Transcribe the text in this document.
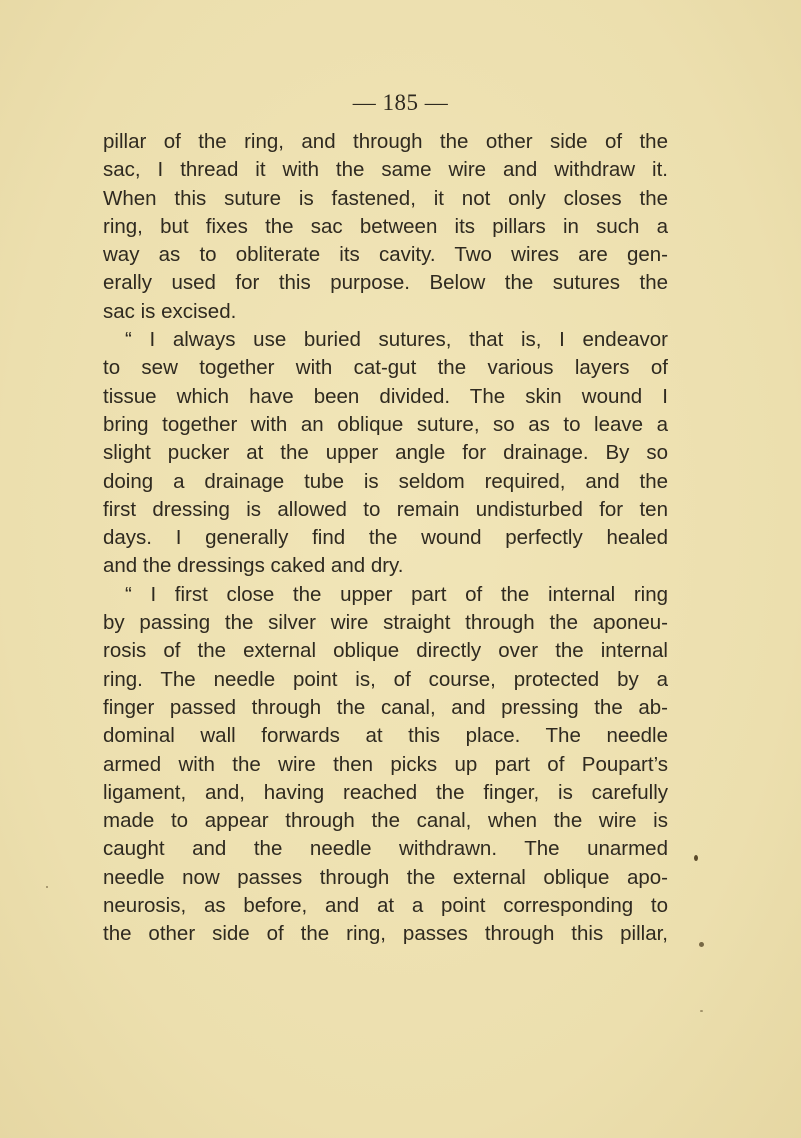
— 185 —
pillar of the ring, and through the other side of the
sac, I thread it with the same wire and withdraw it.
When this suture is fastened, it not only closes the
ring, but fixes the sac between its pillars in such a
way as to obliterate its cavity. Two wires are gen-
erally used for this purpose. Below the sutures the
sac is excised.
“ I always use buried sutures, that is, I endeavor
to sew together with cat-gut the various layers of
tissue which have been divided. The skin wound I
bring together with an oblique suture, so as to leave a
slight pucker at the upper angle for drainage. By so
doing a drainage tube is seldom required, and the
first dressing is allowed to remain undisturbed for ten
days. I generally find the wound perfectly healed
and the dressings caked and dry.
“ I first close the upper part of the internal ring
by passing the silver wire straight through the aponeu-
rosis of the external oblique directly over the internal
ring. The needle point is, of course, protected by a
finger passed through the canal, and pressing the ab-
dominal wall forwards at this place. The needle
armed with the wire then picks up part of Poupart’s
ligament, and, having reached the finger, is carefully
made to appear through the canal, when the wire is
caught and the needle withdrawn. The unarmed
needle now passes through the external oblique apo-
neurosis, as before, and at a point corresponding to
the other side of the ring, passes through this pillar,
